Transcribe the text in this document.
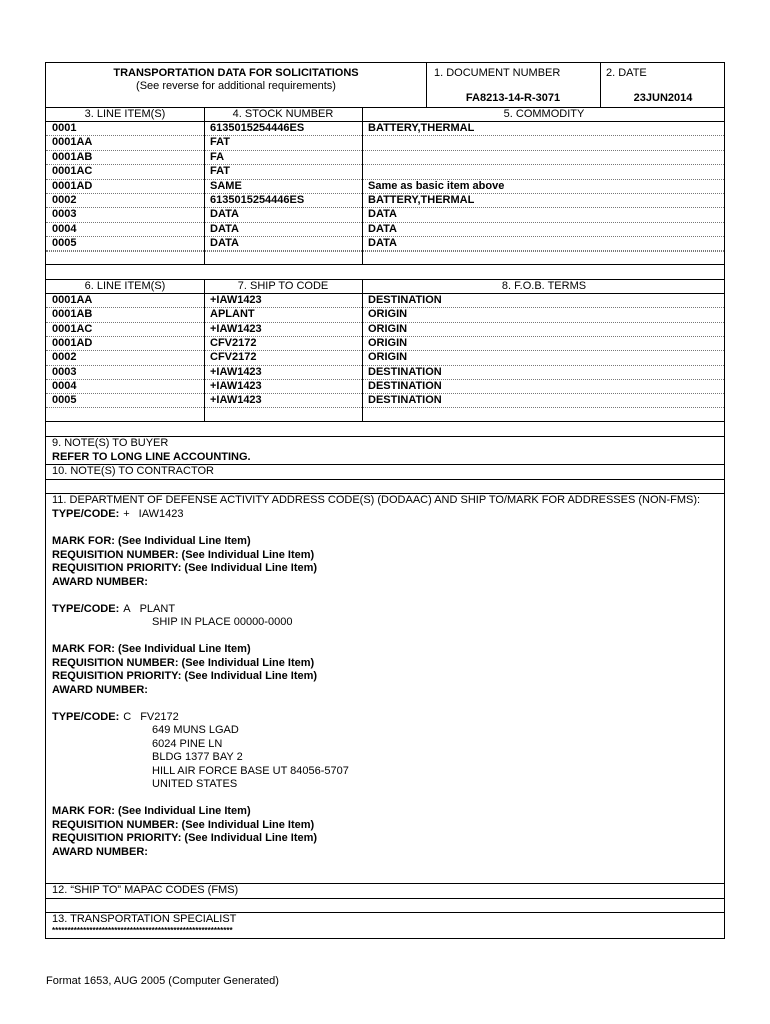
TRANSPORTATION DATA FOR SOLICITATIONS
(See reverse for additional requirements)
1. DOCUMENT NUMBER
FA8213-14-R-3071
2. DATE
23JUN2014
3. LINE ITEM(S)	4. STOCK NUMBER	5. COMMODITY
0001	6135015254446ES	BATTERY,THERMAL
0001AA	FAT
0001AB	FA
0001AC	FAT
0001AD	SAME	Same as basic item above
0002	6135015254446ES	BATTERY,THERMAL
0003	DATA	DATA
0004	DATA	DATA
0005	DATA	DATA
6. LINE ITEM(S)	7. SHIP TO CODE	8. F.O.B. TERMS
0001AA	+IAW1423	DESTINATION
0001AB	APLANT	ORIGIN
0001AC	+IAW1423	ORIGIN
0001AD	CFV2172	ORIGIN
0002	CFV2172	ORIGIN
0003	+IAW1423	DESTINATION
0004	+IAW1423	DESTINATION
0005	+IAW1423	DESTINATION
9. NOTE(S) TO BUYER
REFER TO LONG LINE ACCOUNTING.
10. NOTE(S) TO CONTRACTOR
11. DEPARTMENT OF DEFENSE ACTIVITY ADDRESS CODE(S) (DODAAC) AND SHIP TO/MARK FOR ADDRESSES (NON-FMS):
TYPE/CODE: + IAW1423
MARK FOR: (See Individual Line Item)
REQUISITION NUMBER: (See Individual Line Item)
REQUISITION PRIORITY: (See Individual Line Item)
AWARD NUMBER:
TYPE/CODE: A PLANT
SHIP IN PLACE 00000-0000
MARK FOR: (See Individual Line Item)
REQUISITION NUMBER: (See Individual Line Item)
REQUISITION PRIORITY: (See Individual Line Item)
AWARD NUMBER:
TYPE/CODE: C FV2172
649 MUNS LGAD
6024 PINE LN
BLDG 1377 BAY 2
HILL AIR FORCE BASE UT 84056-5707
UNITED STATES
MARK FOR: (See Individual Line Item)
REQUISITION NUMBER: (See Individual Line Item)
REQUISITION PRIORITY: (See Individual Line Item)
AWARD NUMBER:
12. “SHIP TO” MAPAC CODES (FMS)
13. TRANSPORTATION SPECIALIST
**********************************************************
Format 1653, AUG 2005 (Computer Generated)
